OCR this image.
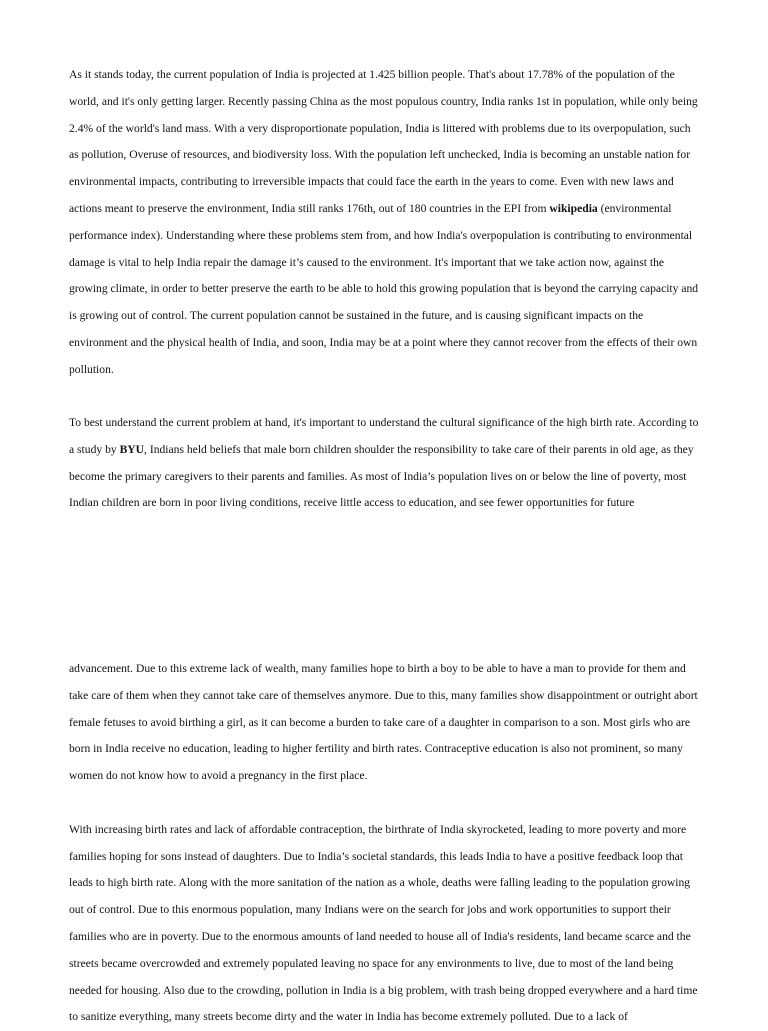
As it stands today, the current population of India is projected at 1.425 billion people. That's about 17.78% of the population of the world, and it's only getting larger. Recently passing China as the most populous country, India ranks 1st in population, while only being 2.4% of the world's land mass. With a very disproportionate population, India is littered with problems due to its overpopulation, such as pollution, Overuse of resources, and biodiversity loss. With the population left unchecked, India is becoming an unstable nation for environmental impacts, contributing to irreversible impacts that could face the earth in the years to come. Even with new laws and actions meant to preserve the environment, India still ranks 176th, out of 180 countries in the EPI from wikipedia (environmental performance index). Understanding where these problems stem from, and how India's overpopulation is contributing to environmental damage is vital to help India repair the damage it’s caused to the environment. It's important that we take action now, against the growing climate, in order to better preserve the earth to be able to hold this growing population that is beyond the carrying capacity and is growing out of control. The current population cannot be sustained in the future, and is causing significant impacts on the environment and the physical health of India, and soon, India may be at a point where they cannot recover from the effects of their own pollution.

To best understand the current problem at hand, it's important to understand the cultural significance of the high birth rate. According to a study by BYU, Indians held beliefs that male born children shoulder the responsibility to take care of their parents in old age, as they become the primary caregivers to their parents and families. As most of India’s population lives on or below the line of poverty, most Indian children are born in poor living conditions, receive little access to education, and see fewer opportunities for future

advancement. Due to this extreme lack of wealth, many families hope to birth a boy to be able to have a man to provide for them and take care of them when they cannot take care of themselves anymore. Due to this, many families show disappointment or outright abort female fetuses to avoid birthing a girl, as it can become a burden to take care of a daughter in comparison to a son. Most girls who are born in India receive no education, leading to higher fertility and birth rates. Contraceptive education is also not prominent, so many women do not know how to avoid a pregnancy in the first place.

With increasing birth rates and lack of affordable contraception, the birthrate of India skyrocketed, leading to more poverty and more families hoping for sons instead of daughters. Due to India’s societal standards, this leads India to have a positive feedback loop that leads to high birth rate. Along with the more sanitation of the nation as a whole, deaths were falling leading to the population growing out of control. Due to this enormous population, many Indians were on the search for jobs and work opportunities to support their families who are in poverty. Due to the enormous amounts of land needed to house all of India's residents, land became scarce and the streets became overcrowded and extremely populated leaving no space for any environments to live, due to most of the land being needed for housing. Also due to the crowding, pollution in India is a big problem, with trash being dropped everywhere and a hard time to sanitize everything, many streets become dirty and the water in India has become extremely polluted. Due to a lack of
